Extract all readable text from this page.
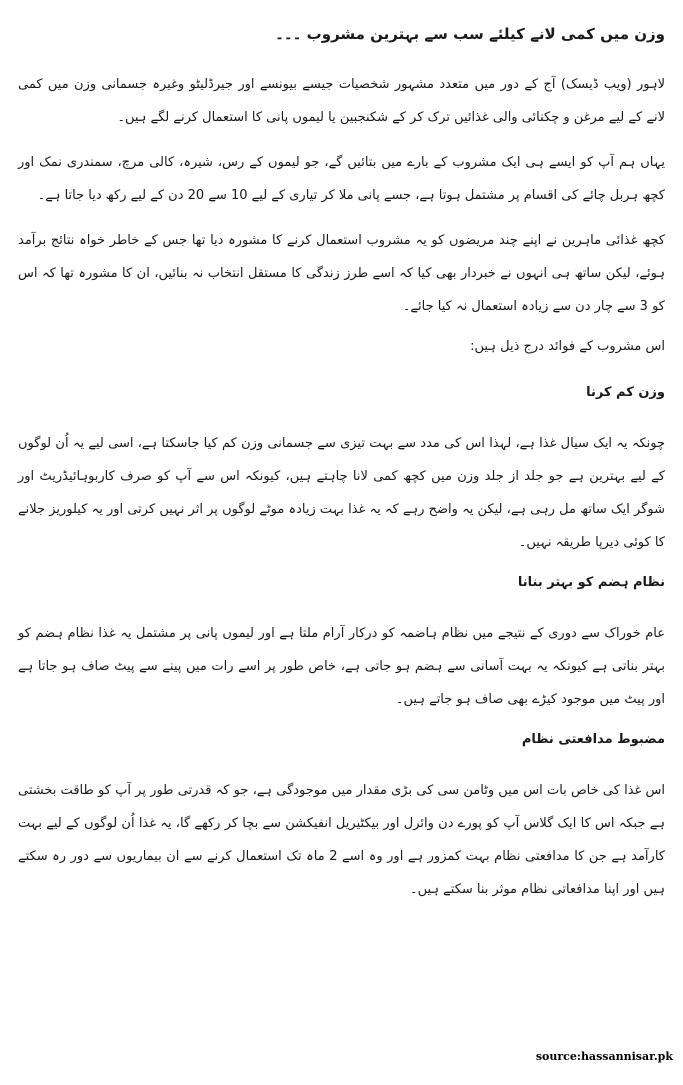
وزن میں کمی لانے کیلئے سب سے بہترین مشروب ۔۔۔

لاہور (ویب ڈیسک) آج کے دور میں متعدد مشہور شخصیات جیسے بیونسے اور جیرڈلیٹو وغیرہ جسمانی وزن میں کمی لانے کے لیے مرغن و چکنائی والی غذائیں ترک کر کے شکنجبین یا لیموں پانی کا استعمال کرنے لگے ہیں۔

یہاں ہم آپ کو ایسے ہی ایک مشروب کے بارے میں بتائیں گے، جو لیموں کے رس، شیرہ، کالی مرچ، سمندری نمک اور کچھ ہربل چائے کی اقسام پر مشتمل ہوتا ہے، جسے پانی ملا کر تیاری کے لیے 10 سے 20 دن کے لیے رکھ دیا جاتا ہے۔

کچھ غذائی ماہرین نے اپنے چند مریضوں کو یہ مشروب استعمال کرنے کا مشورہ دیا تھا جس کے خاطر خواہ نتائج برآمد ہوئے، لیکن ساتھ ہی انہوں نے خبردار بھی کیا کہ اسے طرز زندگی کا مستقل انتخاب نہ بنائیں، ان کا مشورہ تھا کہ اس کو 3 سے چار دن سے زیادہ استعمال نہ کیا جائے۔

اس مشروب کے فوائد درج ذیل ہیں:
وزن کم کرنا

چونکہ یہ ایک سیال غذا ہے، لہذا اس کی مدد سے بہت تیزی سے جسمانی وزن کم کیا جاسکتا ہے، اسی لیے یہ اُن لوگوں کے لیے بہترین ہے جو جلد از جلد وزن میں کچھ کمی لانا چاہتے ہیں، کیونکہ اس سے آپ کو صرف کاربوہائیڈریٹ اور شوگر ایک ساتھ مل رہی ہے، لیکن یہ واضح رہے کہ یہ غذا بہت زیادہ موٹے لوگوں پر اثر نہیں کرتی اور یہ کیلوریز جلانے کا کوئی دیرپا طریقہ نہیں۔

نظام ہضم کو بہتر بنانا

عام خوراک سے دوری کے نتیجے میں نظام ہاضمہ کو درکار آرام ملتا ہے اور لیموں پانی پر مشتمل یہ غذا نظام ہضم کو بہتر بناتی ہے کیونکہ یہ بہت آسانی سے ہضم ہو جاتی ہے، خاص طور پر اسے رات میں پینے سے پیٹ صاف ہو جاتا ہے اور پیٹ میں موجود کیڑے بھی صاف ہو جاتے ہیں۔

مضبوط مدافعتی نظام

اس غذا کی خاص بات اس میں وٹامن سی کی بڑی مقدار میں موجودگی ہے، جو کہ قدرتی طور پر آپ کو طاقت بخشتی ہے جبکہ اس کا ایک گلاس آپ کو پورے دن وائرل اور بیکٹیریل انفیکشن سے بچا کر رکھے گا، یہ غذا اُن لوگوں کے لیے بہت کارآمد ہے جن کا مدافعتی نظام بہت کمزور ہے اور وہ اسے 2 ماہ تک استعمال کرنے سے ان بیماریوں سے دور رہ سکتے ہیں اور اپنا مدافعاتی نظام موثر بنا سکتے ہیں۔

source:hassannisar.pk
